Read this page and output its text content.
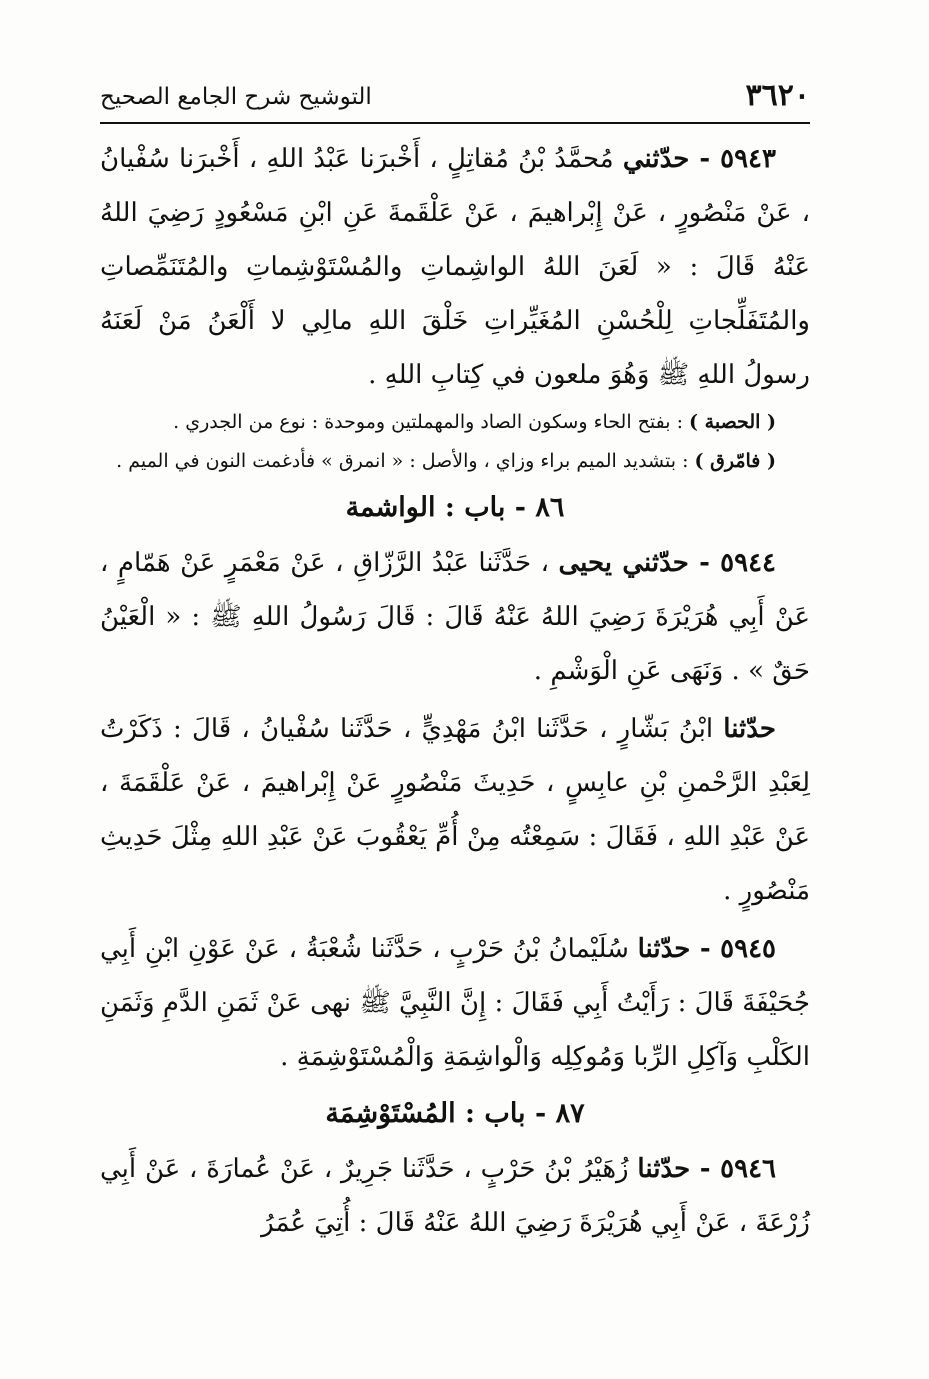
٣٦٢٠
التوشيح شرح الجامع الصحيح

٥٩٤٣ - حدّثني مُحمَّدُ بْنُ مُقاتِلٍ ، أَخْبرَنا عَبْدُ اللهِ ، أَخْبرَنا سُفْيانُ ، عَنْ مَنْصُورٍ ، عَنْ إِبْراهيمَ ، عَنْ عَلْقَمةَ عَنِ ابْنِ مَسْعُودٍ رَضِيَ اللهُ عَنْهُ قَالَ : « لَعَنَ اللهُ الواشِماتِ والمُسْتَوْشِماتِ والمُتَنَمِّصاتِ والمُتَفَلِّجاتِ لِلْحُسْنِ المُغَيِّراتِ خَلْقَ اللهِ مالِي لا أَلْعَنُ مَنْ لَعَنَهُ رسولُ اللهِ ﷺ وَهُوَ ملعون في كِتابِ اللهِ .

( الحصبة ) : بفتح الحاء وسكون الصاد والمهملتين وموحدة : نوع من الجدري .

( فامّرق ) : بتشديد الميم براء وزاي ، والأصل : « انمرق » فأدغمت النون في الميم .

٨٦ - باب : الواشمة

٥٩٤٤ - حدّثني يحيى ، حَدَّثَنا عَبْدُ الرَّزّاقِ ، عَنْ مَعْمَرٍ عَنْ هَمّامٍ ، عَنْ أَبِي هُرَيْرَةَ رَضِيَ اللهُ عَنْهُ قَالَ : قَالَ رَسُولُ اللهِ ﷺ : « الْعَيْنُ حَقٌ » . وَنَهَى عَنِ الْوَشْمِ .

حدّثنا ابْنُ بَشّارٍ ، حَدَّثَنا ابْنُ مَهْدِيٍّ ، حَدَّثَنا سُفْيانُ ، قَالَ : ذَكَرْتُ لِعَبْدِ الرَّحْمنِ بْنِ عابِسٍ ، حَدِيثَ مَنْصُورٍ عَنْ إِبْراهيمَ ، عَنْ عَلْقَمَةَ ، عَنْ عَبْدِ اللهِ ، فَقَالَ : سَمِعْتُه مِنْ أُمِّ يَعْقُوبَ عَنْ عَبْدِ اللهِ مِثْلَ حَدِيثِ مَنْصُورٍ .

٥٩٤٥ - حدّثنا سُلَيْمانُ بْنُ حَرْبٍ ، حَدَّثَنا شُعْبَةُ ، عَنْ عَوْنِ ابْنِ أَبِي جُحَيْفَةَ قَالَ : رَأَيْتُ أَبِي فَقَالَ : إِنَّ النَّبِيَّ ﷺ نهى عَنْ ثَمَنِ الدَّمِ وَثَمَنِ الكَلْبِ وَآكِلِ الرِّبا وَمُوكِلِه وَالْواشِمَةِ وَالْمُسْتَوْشِمَةِ .

٨٧ - باب : المُسْتَوْشِمَة

٥٩٤٦ - حدّثنا زُهَيْرُ بْنُ حَرْبٍ ، حَدَّثَنا جَرِيرٌ ، عَنْ عُمارَةَ ، عَنْ أَبِي زُرْعَةَ ، عَنْ أَبِي هُرَيْرَةَ رَضِيَ اللهُ عَنْهُ قَالَ : أُتِيَ عُمَرُ
